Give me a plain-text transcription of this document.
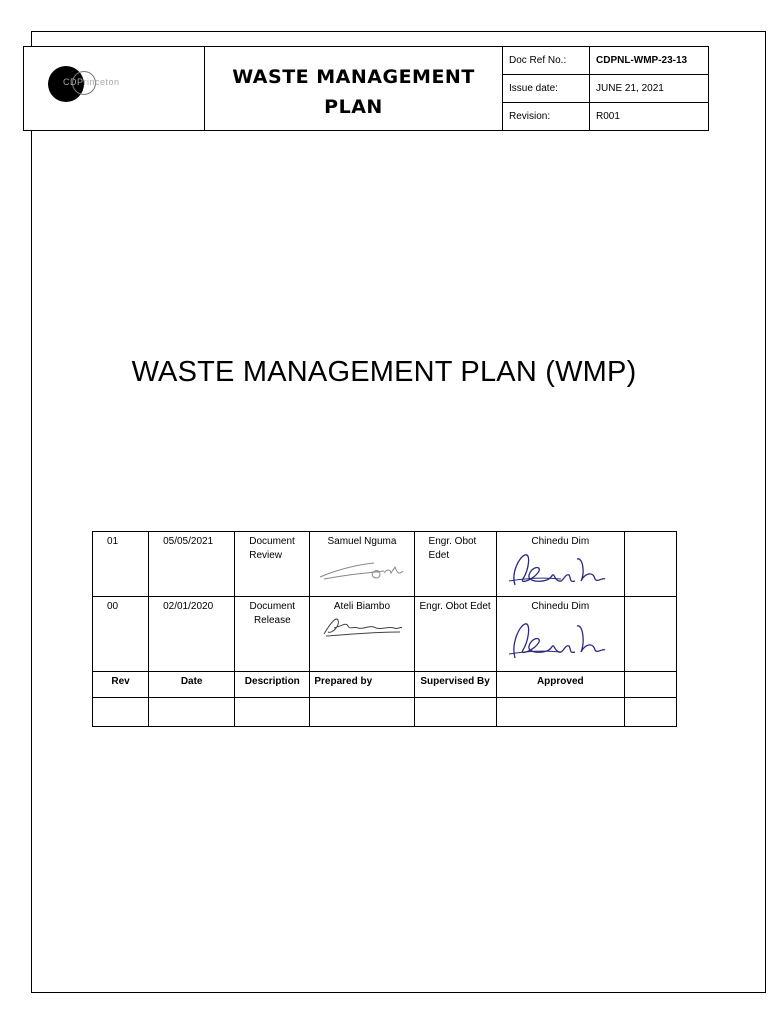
CDPrinceton	WASTE MANAGEMENT PLAN	Doc Ref No.:	CDPNL-WMP-23-13
		Issue date:	JUNE 21, 2021
		Revision:	R001
WASTE MANAGEMENT PLAN (WMP)
01	05/05/2021	Document Review	Samuel Nguma	Engr. Obot Edet	Chinedu Dim	

00	02/01/2020	Document Release	Ateli Biambo	Engr. Obot Edet	Chinedu Dim	

Rev	Date	Description	Prepared by	Supervised By	Approved	
